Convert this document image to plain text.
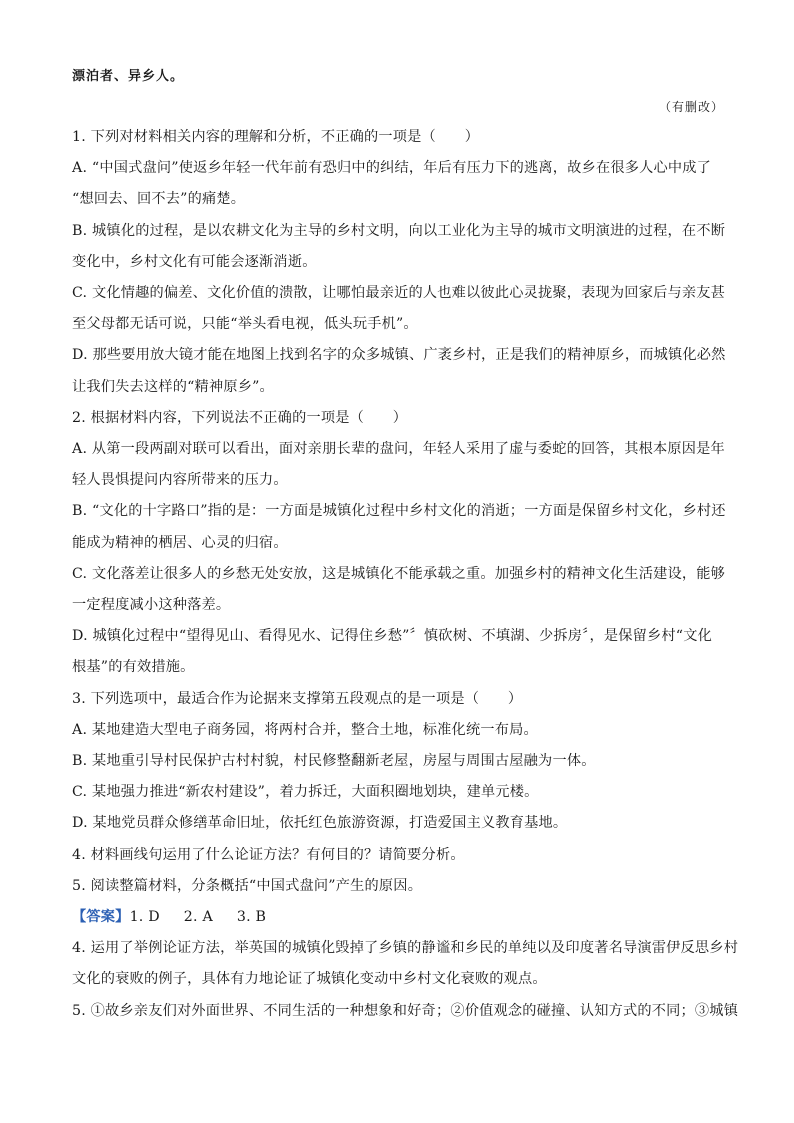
漂泊者、异乡人。
（有删改）
1. 下列对材料相关内容的理解和分析，不正确的一项是（　　）
A. “中国式盘问”使返乡年轻一代年前有恐归中的纠结，年后有压力下的逃离，故乡在很多人心中成了
“想回去、回不去”的痛楚。
B. 城镇化的过程，是以农耕文化为主导的乡村文明，向以工业化为主导的城市文明演进的过程，在不断
变化中，乡村文化有可能会逐渐消逝。
C. 文化情趣的偏差、文化价值的溃散，让哪怕最亲近的人也难以彼此心灵拢聚，表现为回家后与亲友甚
至父母都无话可说，只能“举头看电视，低头玩手机”。
D. 那些要用放大镜才能在地图上找到名字的众多城镇、广袤乡村，正是我们的精神原乡，而城镇化必然
让我们失去这样的“精神原乡”。
2. 根据材料内容，下列说法不正确的一项是（　　）
A. 从第一段两副对联可以看出，面对亲朋长辈的盘问，年轻人采用了虚与委蛇的回答，其根本原因是年
轻人畏惧提问内容所带来的压力。
B. “文化的十字路口”指的是：一方面是城镇化过程中乡村文化的消逝；一方面是保留乡村文化，乡村还
能成为精神的栖居、心灵的归宿。
C. 文化落差让很多人的乡愁无处安放，这是城镇化不能承载之重。加强乡村的精神文化生活建设，能够
一定程度减小这种落差。
D. 城镇化过程中“望得见山、看得见水、记得住乡愁”〞慎砍树、不填湖、少拆房〞，是保留乡村“文化
根基”的有效措施。
3. 下列选项中，最适合作为论据来支撑第五段观点的是一项是（　　）
A. 某地建造大型电子商务园，将两村合并，整合土地，标准化统一布局。
B. 某地重引导村民保护古村村貌，村民修整翻新老屋，房屋与周围古屋融为一体。
C. 某地强力推进“新农村建设”，着力拆迁，大面积圈地划块，建单元楼。
D. 某地党员群众修缮革命旧址，依托红色旅游资源，打造爱国主义教育基地。
4. 材料画线句运用了什么论证方法？有何目的？请简要分析。
5. 阅读整篇材料，分条概括“中国式盘问”产生的原因。
【答案】 1. D 2. A 3. B
4. 运用了举例论证方法，举英国的城镇化毁掉了乡镇的静谧和乡民的单纯以及印度著名导演雷伊反思乡村
文化的衰败的例子，具体有力地论证了城镇化变动中乡村文化衰败的观点。
5. ①故乡亲友们对外面世界、不同生活的一种想象和好奇；②价值观念的碰撞、认知方式的不同；③城镇
